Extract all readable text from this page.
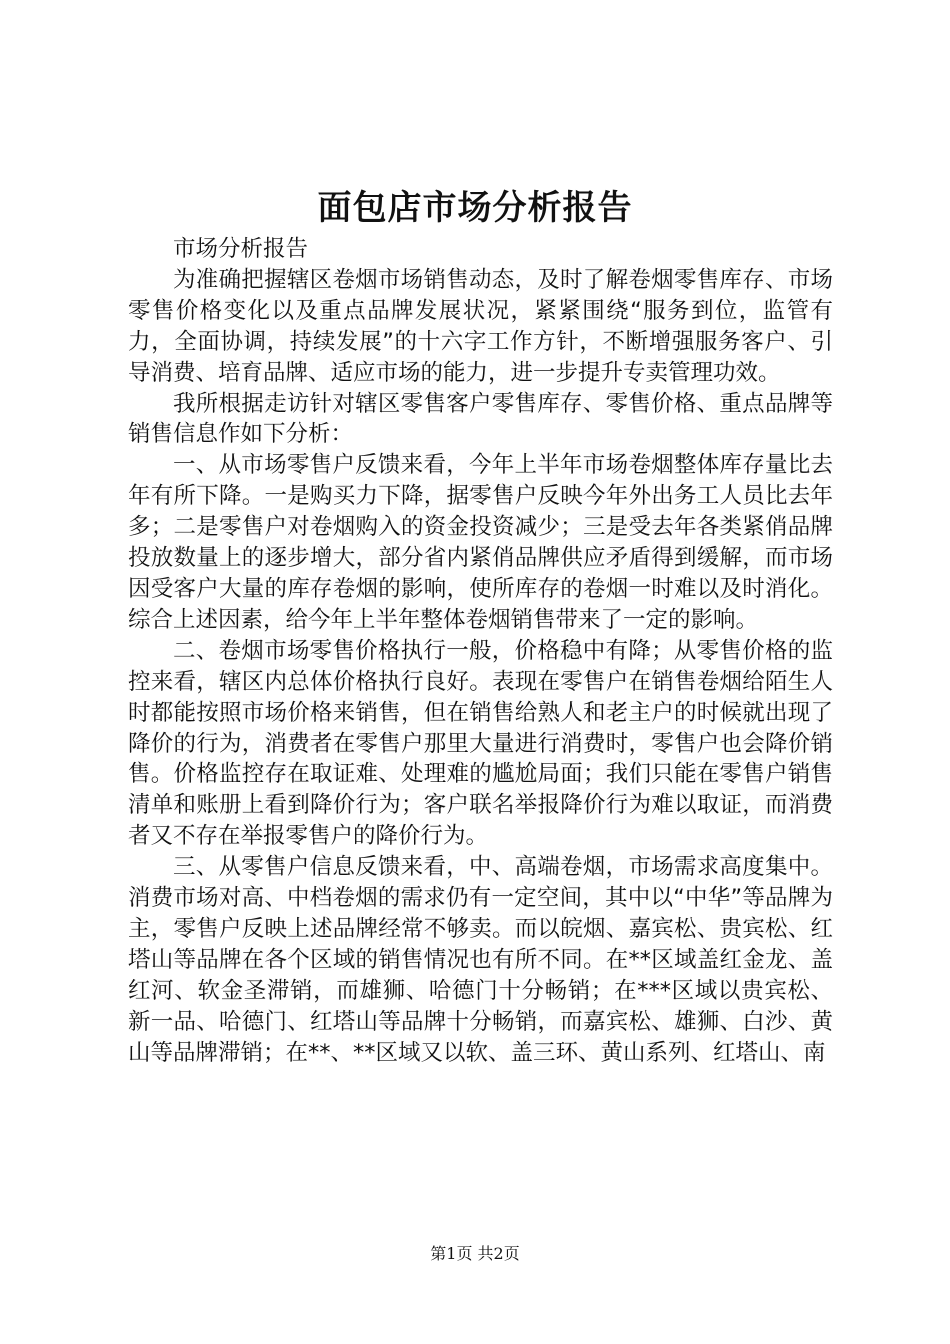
面包店市场分析报告

市场分析报告

为准确把握辖区卷烟市场销售动态，及时了解卷烟零售库存、市场零售价格变化以及重点品牌发展状况，紧紧围绕“服务到位，监管有力，全面协调，持续发展”的十六字工作方针，不断增强服务客户、引导消费、培育品牌、适应市场的能力，进一步提升专卖管理功效。

我所根据走访针对辖区零售客户零售库存、零售价格、重点品牌等销售信息作如下分析：

一、从市场零售户反馈来看，今年上半年市场卷烟整体库存量比去年有所下降。一是购买力下降，据零售户反映今年外出务工人员比去年多；二是零售户对卷烟购入的资金投资减少；三是受去年各类紧俏品牌投放数量上的逐步增大，部分省内紧俏品牌供应矛盾得到缓解，而市场因受客户大量的库存卷烟的影响，使所库存的卷烟一时难以及时消化。综合上述因素，给今年上半年整体卷烟销售带来了一定的影响。

二、卷烟市场零售价格执行一般，价格稳中有降；从零售价格的监控来看，辖区内总体价格执行良好。表现在零售户在销售卷烟给陌生人时都能按照市场价格来销售，但在销售给熟人和老主户的时候就出现了降价的行为，消费者在零售户那里大量进行消费时，零售户也会降价销售。价格监控存在取证难、处理难的尴尬局面；我们只能在零售户销售清单和账册上看到降价行为；客户联名举报降价行为难以取证，而消费者又不存在举报零售户的降价行为。

三、从零售户信息反馈来看，中、高端卷烟，市场需求高度集中。消费市场对高、中档卷烟的需求仍有一定空间，其中以“中华”等品牌为主，零售户反映上述品牌经常不够卖。而以皖烟、嘉宾松、贵宾松、红塔山等品牌在各个区域的销售情况也有所不同。在**区域盖红金龙、盖红河、软金圣滞销，而雄狮、哈德门十分畅销；在***区域以贵宾松、新一品、哈德门、红塔山等品牌十分畅销，而嘉宾松、雄狮、白沙、黄山等品牌滞销；在**、**区域又以软、盖三环、黄山系列、红塔山、南

第1页 共2页
